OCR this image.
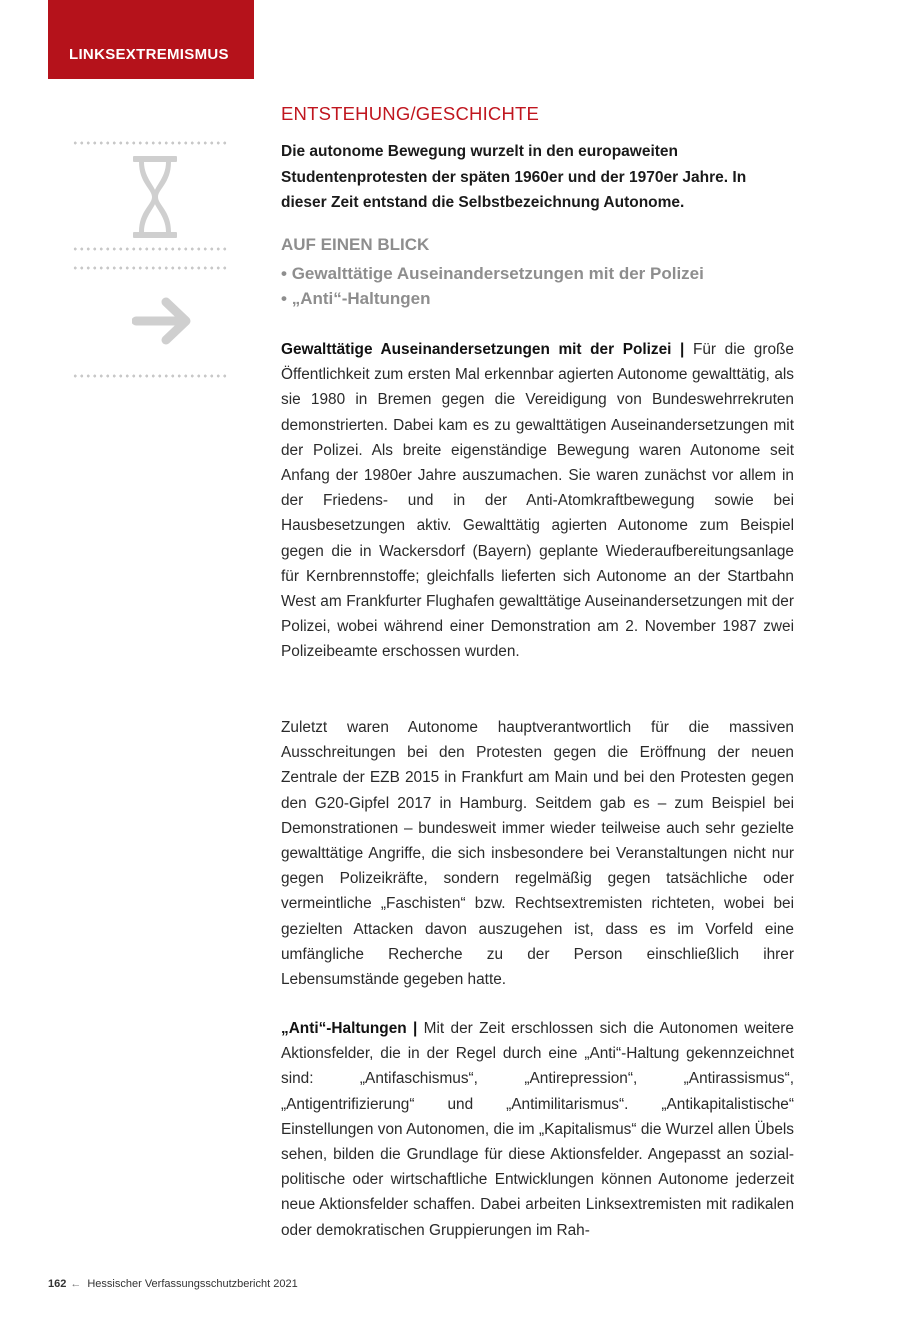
LINKSEXTREMISMUS
ENTSTEHUNG/GESCHICHTE
Die autonome Bewegung wurzelt in den europaweiten Studentenprotesten der späten 1960er und der 1970er Jahre. In dieser Zeit entstand die Selbstbezeichnung Autonome.
AUF EINEN BLICK
• Gewalttätige Auseinandersetzungen mit der Polizei
• „Anti“-Haltungen

Gewalttätige Auseinandersetzungen mit der Polizei | Für die große Öffentlichkeit zum ersten Mal erkennbar agierten Autonome gewalttätig, als sie 1980 in Bremen gegen die Vereidigung von Bundeswehrrekruten demonstrierten. Dabei kam es zu gewalttätigen Auseinandersetzungen mit der Polizei. Als breite eigenständige Bewegung waren Autonome seit Anfang der 1980er Jahre auszumachen. Sie waren zunächst vor allem in der Friedens- und in der Anti-Atomkraftbewegung sowie bei Hausbesetzungen aktiv. Gewalttätig agierten Autonome zum Beispiel gegen die in Wackersdorf (Bayern) geplante Wiederaufbereitungsanlage für Kernbrennstoffe; gleichfalls lieferten sich Autonome an der Startbahn West am Frankfurter Flughafen gewalttätige Auseinandersetzungen mit der Polizei, wobei während einer Demonstration am 2. November 1987 zwei Polizeibeamte erschossen wurden.

Zuletzt waren Autonome hauptverantwortlich für die massiven Ausschreitungen bei den Protesten gegen die Eröffnung der neuen Zentrale der EZB 2015 in Frankfurt am Main und bei den Protesten gegen den G20-Gipfel 2017 in Hamburg. Seitdem gab es – zum Beispiel bei Demonstrationen – bundesweit immer wieder teilweise auch sehr gezielte gewalttätige Angriffe, die sich insbesondere bei Veranstaltungen nicht nur gegen Polizeikräfte, sondern regelmäßig gegen tatsächliche oder vermeintliche „Faschisten“ bzw. Rechtsextremisten richteten, wobei bei gezielten Attacken davon auszugehen ist, dass es im Vorfeld eine umfängliche Recherche zu der Person einschließlich ihrer Lebensumstände gegeben hatte.

„Anti“-Haltungen | Mit der Zeit erschlossen sich die Autonomen weitere Aktionsfelder, die in der Regel durch eine „Anti“-Haltung gekennzeichnet sind: „Antifaschismus“, „Antirepression“, „Antirassismus“, „Antigentrifizierung“ und „Antimilitarismus“. „Antikapitalistische“ Einstellungen von Autonomen, die im „Kapitalismus“ die Wurzel allen Übels sehen, bilden die Grundlage für diese Aktionsfelder. Angepasst an sozial-politische oder wirtschaftliche Entwicklungen können Autonome jederzeit neue Aktionsfelder schaffen. Dabei arbeiten Linksextremisten mit radikalen oder demokratischen Gruppierungen im Rah-

162 ← Hessischer Verfassungsschutzbericht 2021
